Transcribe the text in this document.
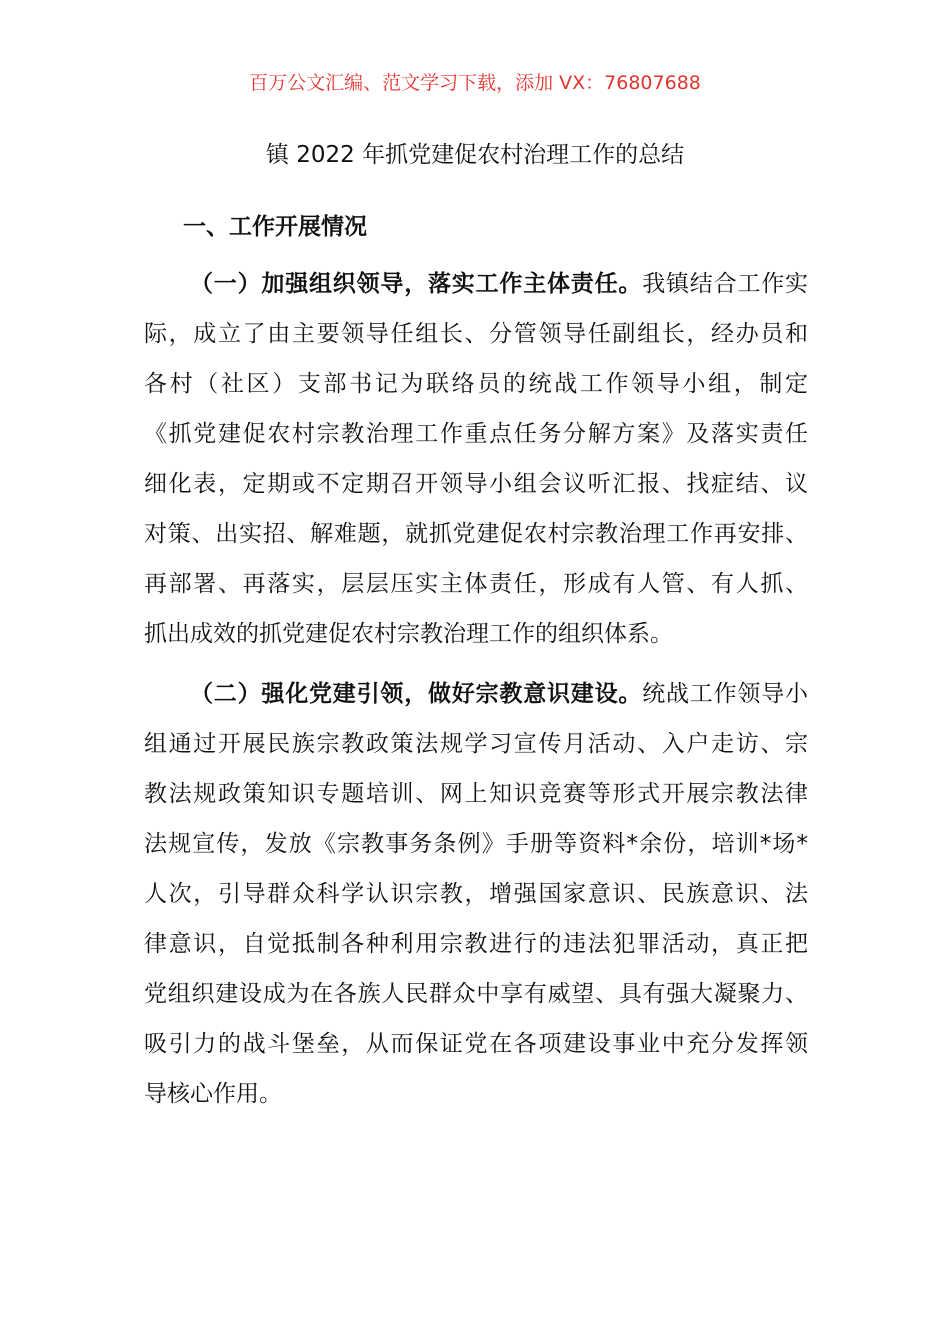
百万公文汇编、范文学习下载，添加 VX：76807688
镇 2022 年抓党建促农村治理工作的总结
一、工作开展情况
（一）加强组织领导，落实工作主体责任。我镇结合工作实
际，成立了由主要领导任组长、分管领导任副组长，经办员和
各村（社区）支部书记为联络员的统战工作领导小组，制定
《抓党建促农村宗教治理工作重点任务分解方案》及落实责任
细化表，定期或不定期召开领导小组会议听汇报、找症结、议
对策、出实招、解难题，就抓党建促农村宗教治理工作再安排、
再部署、再落实，层层压实主体责任，形成有人管、有人抓、
抓出成效的抓党建促农村宗教治理工作的组织体系。
（二）强化党建引领，做好宗教意识建设。统战工作领导小
组通过开展民族宗教政策法规学习宣传月活动、入户走访、宗
教法规政策知识专题培训、网上知识竞赛等形式开展宗教法律
法规宣传，发放《宗教事务条例》手册等资料*余份，培训*场*
人次，引导群众科学认识宗教，增强国家意识、民族意识、法
律意识，自觉抵制各种利用宗教进行的违法犯罪活动，真正把
党组织建设成为在各族人民群众中享有威望、具有强大凝聚力、
吸引力的战斗堡垒，从而保证党在各项建设事业中充分发挥领
导核心作用。
